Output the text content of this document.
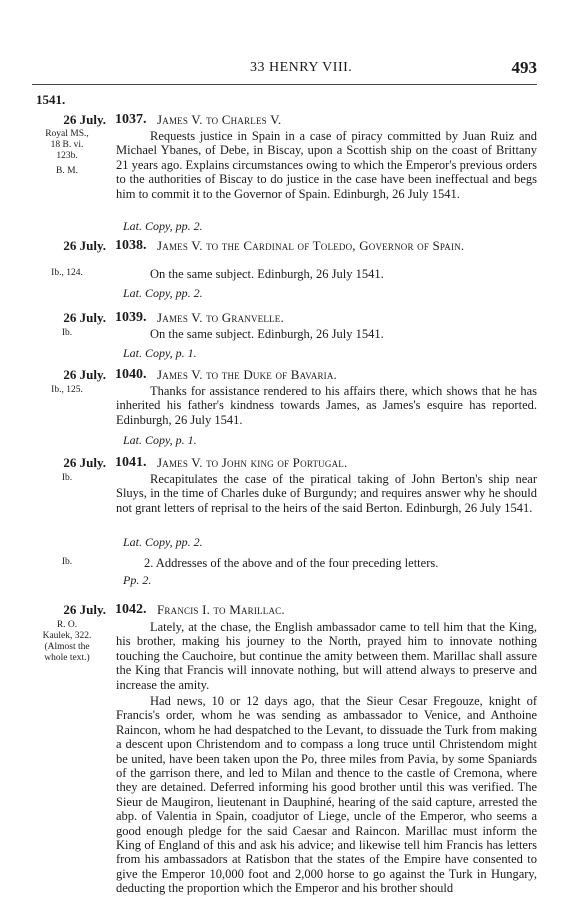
33 HENRY VIII.	493
1541.
26 July. 1037. James V. to Charles V.
Royal MS.,
18 B. vi.
123b.
B. M.
Requests justice in Spain in a case of piracy committed by Juan Ruiz and Michael Ybanes, of Debe, in Biscay, upon a Scottish ship on the coast of Brittany 21 years ago. Explains circumstances owing to which the Emperor's previous orders to the authorities of Biscay to do justice in the case have been ineffectual and begs him to commit it to the Governor of Spain. Edinburgh, 26 July 1541.
Lat. Copy, pp. 2.
26 July. 1038. James V. to the Cardinal of Toledo, Governor of Spain.
Ib., 124.	On the same subject. Edinburgh, 26 July 1541.
Lat. Copy, pp. 2.
26 July. 1039. James V. to Granvelle.
Ib.	On the same subject. Edinburgh, 26 July 1541.
Lat. Copy, p. 1.
26 July. 1040. James V. to the Duke of Bavaria.
Ib., 125.	Thanks for assistance rendered to his affairs there, which shows that he has inherited his father's kindness towards James, as James's esquire has reported. Edinburgh, 26 July 1541.
Lat. Copy, p. 1.
26 July. 1041. James V. to John king of Portugal.
Ib.	Recapitulates the case of the piratical taking of John Berton's ship near Sluys, in the time of Charles duke of Burgundy; and requires answer why he should not grant letters of reprisal to the heirs of the said Berton. Edinburgh, 26 July 1541.
Lat. Copy, pp. 2.
Ib.	2. Addresses of the above and of the four preceding letters.
Pp. 2.
26 July. 1042. Francis I. to Marillac.
R. O.
Kaulek, 322.
(Almost the
whole text.)
Lately, at the chase, the English ambassador came to tell him that the King, his brother, making his journey to the North, prayed him to innovate nothing touching the Cauchoire, but continue the amity between them. Marillac shall assure the King that Francis will innovate nothing, but will attend always to preserve and increase the amity.
Had news, 10 or 12 days ago, that the Sieur Cesar Fregouze, knight of Francis's order, whom he was sending as ambassador to Venice, and Anthoine Raincon, whom he had despatched to the Levant, to dissuade the Turk from making a descent upon Christendom and to compass a long truce until Christendom might be united, have been taken upon the Po, three miles from Pavia, by some Spaniards of the garrison there, and led to Milan and thence to the castle of Cremona, where they are detained. Deferred informing his good brother until this was verified. The Sieur de Maugiron, lieutenant in Dauphiné, hearing of the said capture, arrested the abp. of Valentia in Spain, coadjutor of Liege, uncle of the Emperor, who seems a good enough pledge for the said Caesar and Raincon. Marillac must inform the King of England of this and ask his advice; and likewise tell him Francis has letters from his ambassadors at Ratisbon that the states of the Empire have consented to give the Emperor 10,000 foot and 2,000 horse to go against the Turk in Hungary, deducting the proportion which the Emperor and his brother should
